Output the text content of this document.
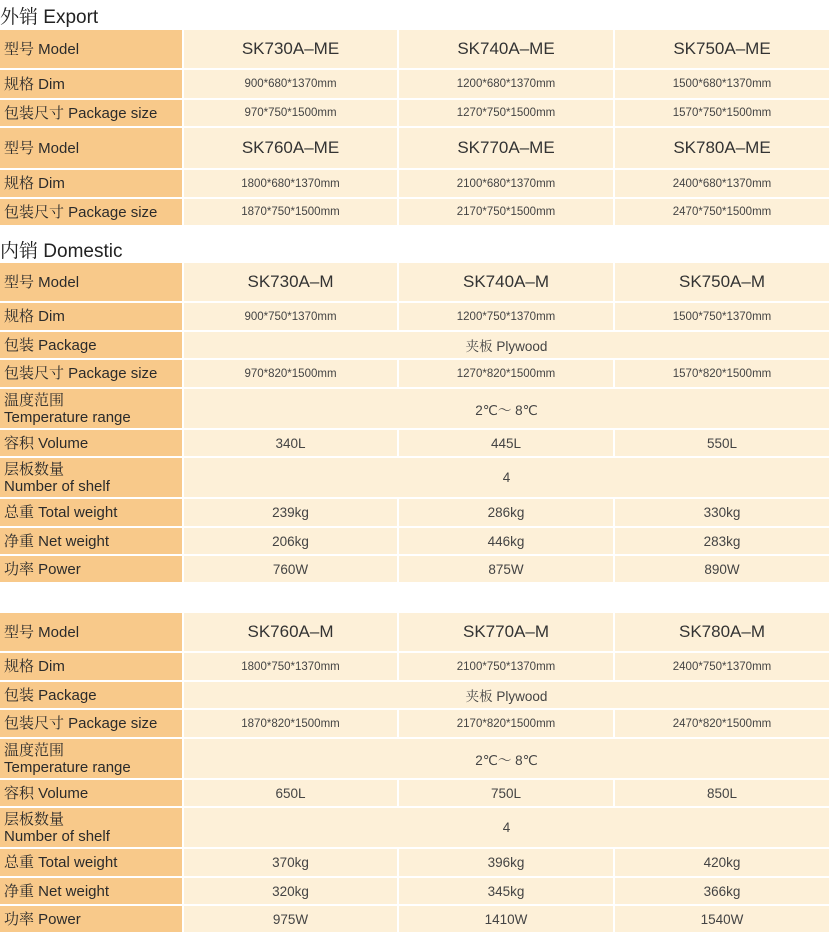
外销 Export
型号 Model	SK730A–ME	SK740A–ME	SK750A–ME
规格 Dim	900*680*1370mm	1200*680*1370mm	1500*680*1370mm
包装尺寸 Package size	970*750*1500mm	1270*750*1500mm	1570*750*1500mm
型号 Model	SK760A–ME	SK770A–ME	SK780A–ME
规格 Dim	1800*680*1370mm	2100*680*1370mm	2400*680*1370mm
包装尺寸 Package size	1870*750*1500mm	2170*750*1500mm	2470*750*1500mm
内销 Domestic
型号 Model	SK730A–M	SK740A–M	SK750A–M
规格 Dim	900*750*1370mm	1200*750*1370mm	1500*750*1370mm
包装 Package	夹板 Plywood		
包装尺寸 Package size	970*820*1500mm	1270*820*1500mm	1570*820*1500mm

温度范围
Temperature range	2℃～ 8℃		
容积 Volume	340L	445L	550L

层板数量
Number of shelf	4		
总重 Total weight	239kg	286kg	330kg
净重 Net weight	206kg	446kg	283kg
功率 Power	760W	875W	890W
型号 Model	SK760A–M	SK770A–M	SK780A–M
规格 Dim	1800*750*1370mm	2100*750*1370mm	2400*750*1370mm
包装 Package	夹板 Plywood		
包装尺寸 Package size	1870*820*1500mm	2170*820*1500mm	2470*820*1500mm

温度范围
Temperature range	2℃～ 8℃		
容积 Volume	650L	750L	850L

层板数量
Number of shelf	4		
总重 Total weight	370kg	396kg	420kg
净重 Net weight	320kg	345kg	366kg
功率 Power	975W	1410W	1540W
